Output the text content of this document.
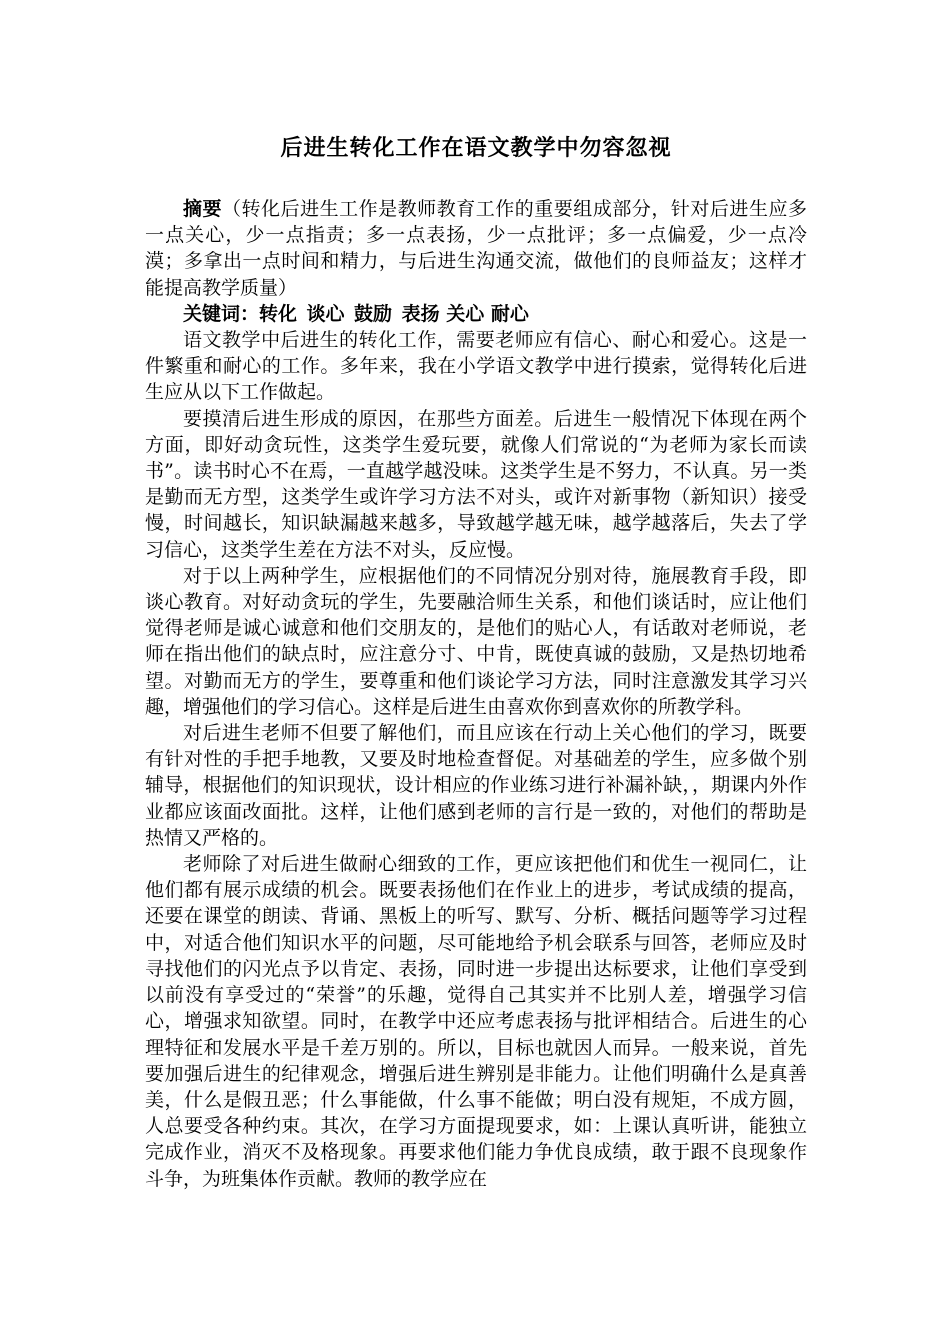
后进生转化工作在语文教学中勿容忽视

摘要（转化后进生工作是教师教育工作的重要组成部分，针对后进生应多一点关心，少一点指责；多一点表扬，少一点批评；多一点偏爱，少一点冷漠；多拿出一点时间和精力，与后进生沟通交流，做他们的良师益友；这样才能提高教学质量）

关键词：转化 谈心 鼓励 表扬 关心 耐心

语文教学中后进生的转化工作，需要老师应有信心、耐心和爱心。这是一件繁重和耐心的工作。多年来，我在小学语文教学中进行摸索，觉得转化后进生应从以下工作做起。

要摸清后进生形成的原因，在那些方面差。后进生一般情况下体现在两个方面，即好动贪玩性，这类学生爱玩要，就像人们常说的“为老师为家长而读书”。读书时心不在焉，一直越学越没味。这类学生是不努力，不认真。另一类是勤而无方型，这类学生或许学习方法不对头，或许对新事物（新知识）接受慢，时间越长，知识缺漏越来越多，导致越学越无味，越学越落后，失去了学习信心，这类学生差在方法不对头，反应慢。

对于以上两种学生，应根据他们的不同情况分别对待，施展教育手段，即谈心教育。对好动贪玩的学生，先要融洽师生关系，和他们谈话时，应让他们觉得老师是诚心诚意和他们交朋友的，是他们的贴心人，有话敢对老师说，老师在指出他们的缺点时，应注意分寸、中肯，既使真诚的鼓励，又是热切地希望。对勤而无方的学生，要尊重和他们谈论学习方法，同时注意激发其学习兴趣，增强他们的学习信心。这样是后进生由喜欢你到喜欢你的所教学科。

对后进生老师不但要了解他们，而且应该在行动上关心他们的学习，既要有针对性的手把手地教，又要及时地检查督促。对基础差的学生，应多做个别辅导，根据他们的知识现状，设计相应的作业练习进行补漏补缺，，期课内外作业都应该面改面批。这样，让他们感到老师的言行是一致的，对他们的帮助是热情又严格的。

老师除了对后进生做耐心细致的工作，更应该把他们和优生一视同仁，让他们都有展示成绩的机会。既要表扬他们在作业上的进步，考试成绩的提高，还要在课堂的朗读、背诵、黑板上的听写、默写、分析、概括问题等学习过程中，对适合他们知识水平的问题，尽可能地给予机会联系与回答，老师应及时寻找他们的闪光点予以肯定、表扬，同时进一步提出达标要求，让他们享受到以前没有享受过的“荣誉”的乐趣，觉得自己其实并不比别人差，增强学习信心，增强求知欲望。同时，在教学中还应考虑表扬与批评相结合。后进生的心理特征和发展水平是千差万别的。所以，目标也就因人而异。一般来说，首先要加强后进生的纪律观念，增强后进生辨别是非能力。让他们明确什么是真善美，什么是假丑恶；什么事能做，什么事不能做；明白没有规矩，不成方圆，人总要受各种约束。其次，在学习方面提现要求，如：上课认真听讲，能独立完成作业，消灭不及格现象。再要求他们能力争优良成绩，敢于跟不良现象作斗争，为班集体作贡献。教师的教学应在
